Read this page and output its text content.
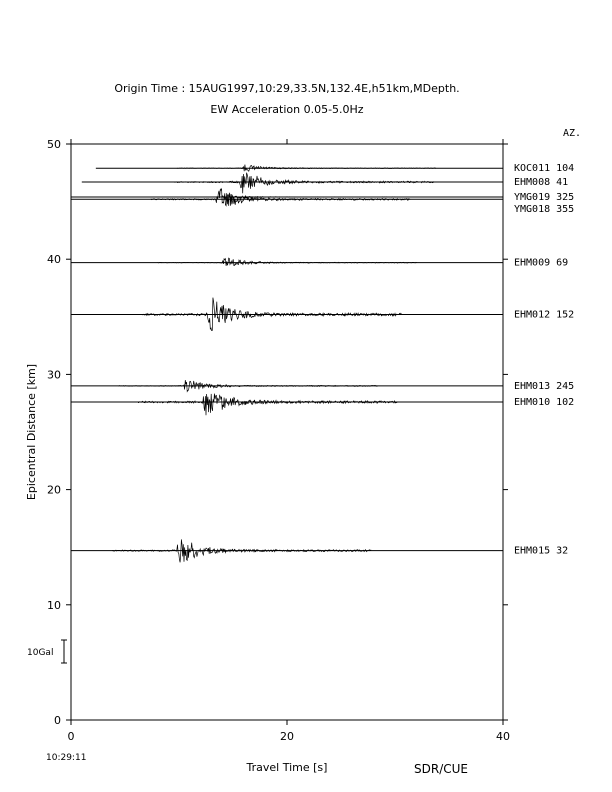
Origin Time : 15AUG1997,10:29,33.5N,132.4E,h51km,MDepth.
EW Acceleration 0.05-5.0Hz
AZ.
0
10
20
30
40
50
0	20	40
KOC011 104
EHM008 41
YMG019 325
YMG018 355
EHM009 69
EHM012 152
EHM013 245
EHM010 102
EHM015 32
10Gal
Epicentral Distance [km]
Travel Time [s]
10:29:11
SDR/CUE
